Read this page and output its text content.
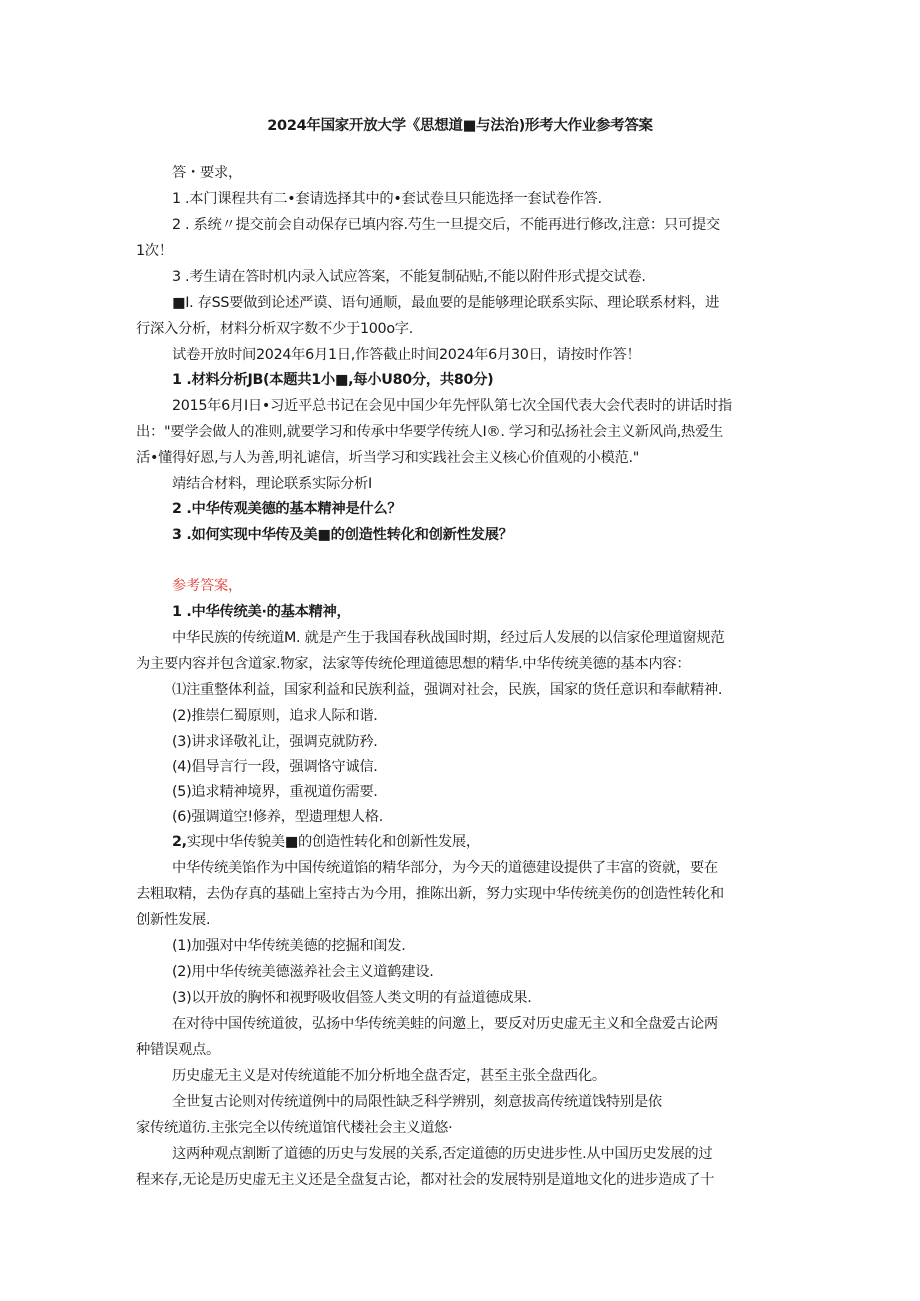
2024年国家开放大学《思想道■与法治)形考大作业参考答案
答・要求，
1 .本门课程共有二•套请选择其中的•套试卷旦只能选择一套试卷作答.
2 . 系统〃提交前会自动保存已填内容.芍生一旦提交后，不能再进行修改,注意：只可提交
1次！
3 .考生请在答时机内录入试应答案，不能复制砧贴,不能以附件形式提交试卷.
■I. 存SS要做到论述严谟、语句通顺，最血要的是能够理论联系实际、理论联系材料，进
行深入分析，材料分析双字数不少于100o字.
试卷开放时间2024年6月1日,作答截止时间2024年6月30日，请按时作答！
1 .材料分析JB(本题共1小■,每小U80分，共80分)
2015年6月I日•习近平总书记在会见中国少年先怦队第七次全国代表大会代表时的讲话时指
出："要学会做人的准则,就要学习和传承中华要学传统人I®. 学习和弘扬社会主义新风尚,热爱生
活•懂得好恩,与人为善,明礼谑信，圻当学习和实践社会主义核心价值观的小模范."
靖结合材料，理论联系实际分析I
2 .中华传观美德的基本精神是什么？
3 .如何实现中华传及美■的创造性转化和创新性发展？
参考答案，
1 .中华传统美·的基本精神，
中华民族的传统道M. 就是产生于我国春秋战国时期，经过后人发展的以信家伦理道窗规范
为主要内容并包含道家.物家，法家等传统伦理道德思想的精华.中华传统美德的基本内容：
⑴注重整体利益，国家利益和民族利益，强调对社会，民族，国家的货任意识和奉献精神.
(2)推崇仁蜀原则，追求人际和谐.
(3)讲求译敬礼让，强调克就防矜.
(4)倡导言行一段，强调恪守诚信.
(5)追求精神境界，重视道伤需要.
(6)强调道空!修养，型遗理想人格.
2,实现中华传貌美■的创造性转化和创新性发展，
中华传统美馅作为中国传统道馅的精华部分，为今天的道德建设提供了丰富的资就，要在
去粗取精，去伪存真的基础上室持古为今用，推陈出新，努力实现中华传统美伤的创造性转化和
创新性发展.
(1)加强对中华传统美德的挖掘和闺发.
(2)用中华传统美德滋养社会主义道鹤建设.
(3)以开放的胸怀和视野吸收倡签人类文明的有益道德成果.
在对待中国传统道彼，弘扬中华传统美蛙的问邀上，要反对历史虚无主义和全盘爱古论两
种错误观点。
历史虚无主义是对传统道能不加分析地全盘否定，甚至主张全盘西化。
全世复古论则对传统道例中的局限性缺乏科学辨别，刻意拔高传统道饯特别是依
家传统道彷.主张完全以传统道馆代楼社会主义道悠·
这两种观点割断了道德的历史与发展的关系,否定道德的历史进步性.从中国历史发展的过
程来存,无论是历史虚无主义还是全盘复古论，都对社会的发展特别是道地文化的进步造成了十
